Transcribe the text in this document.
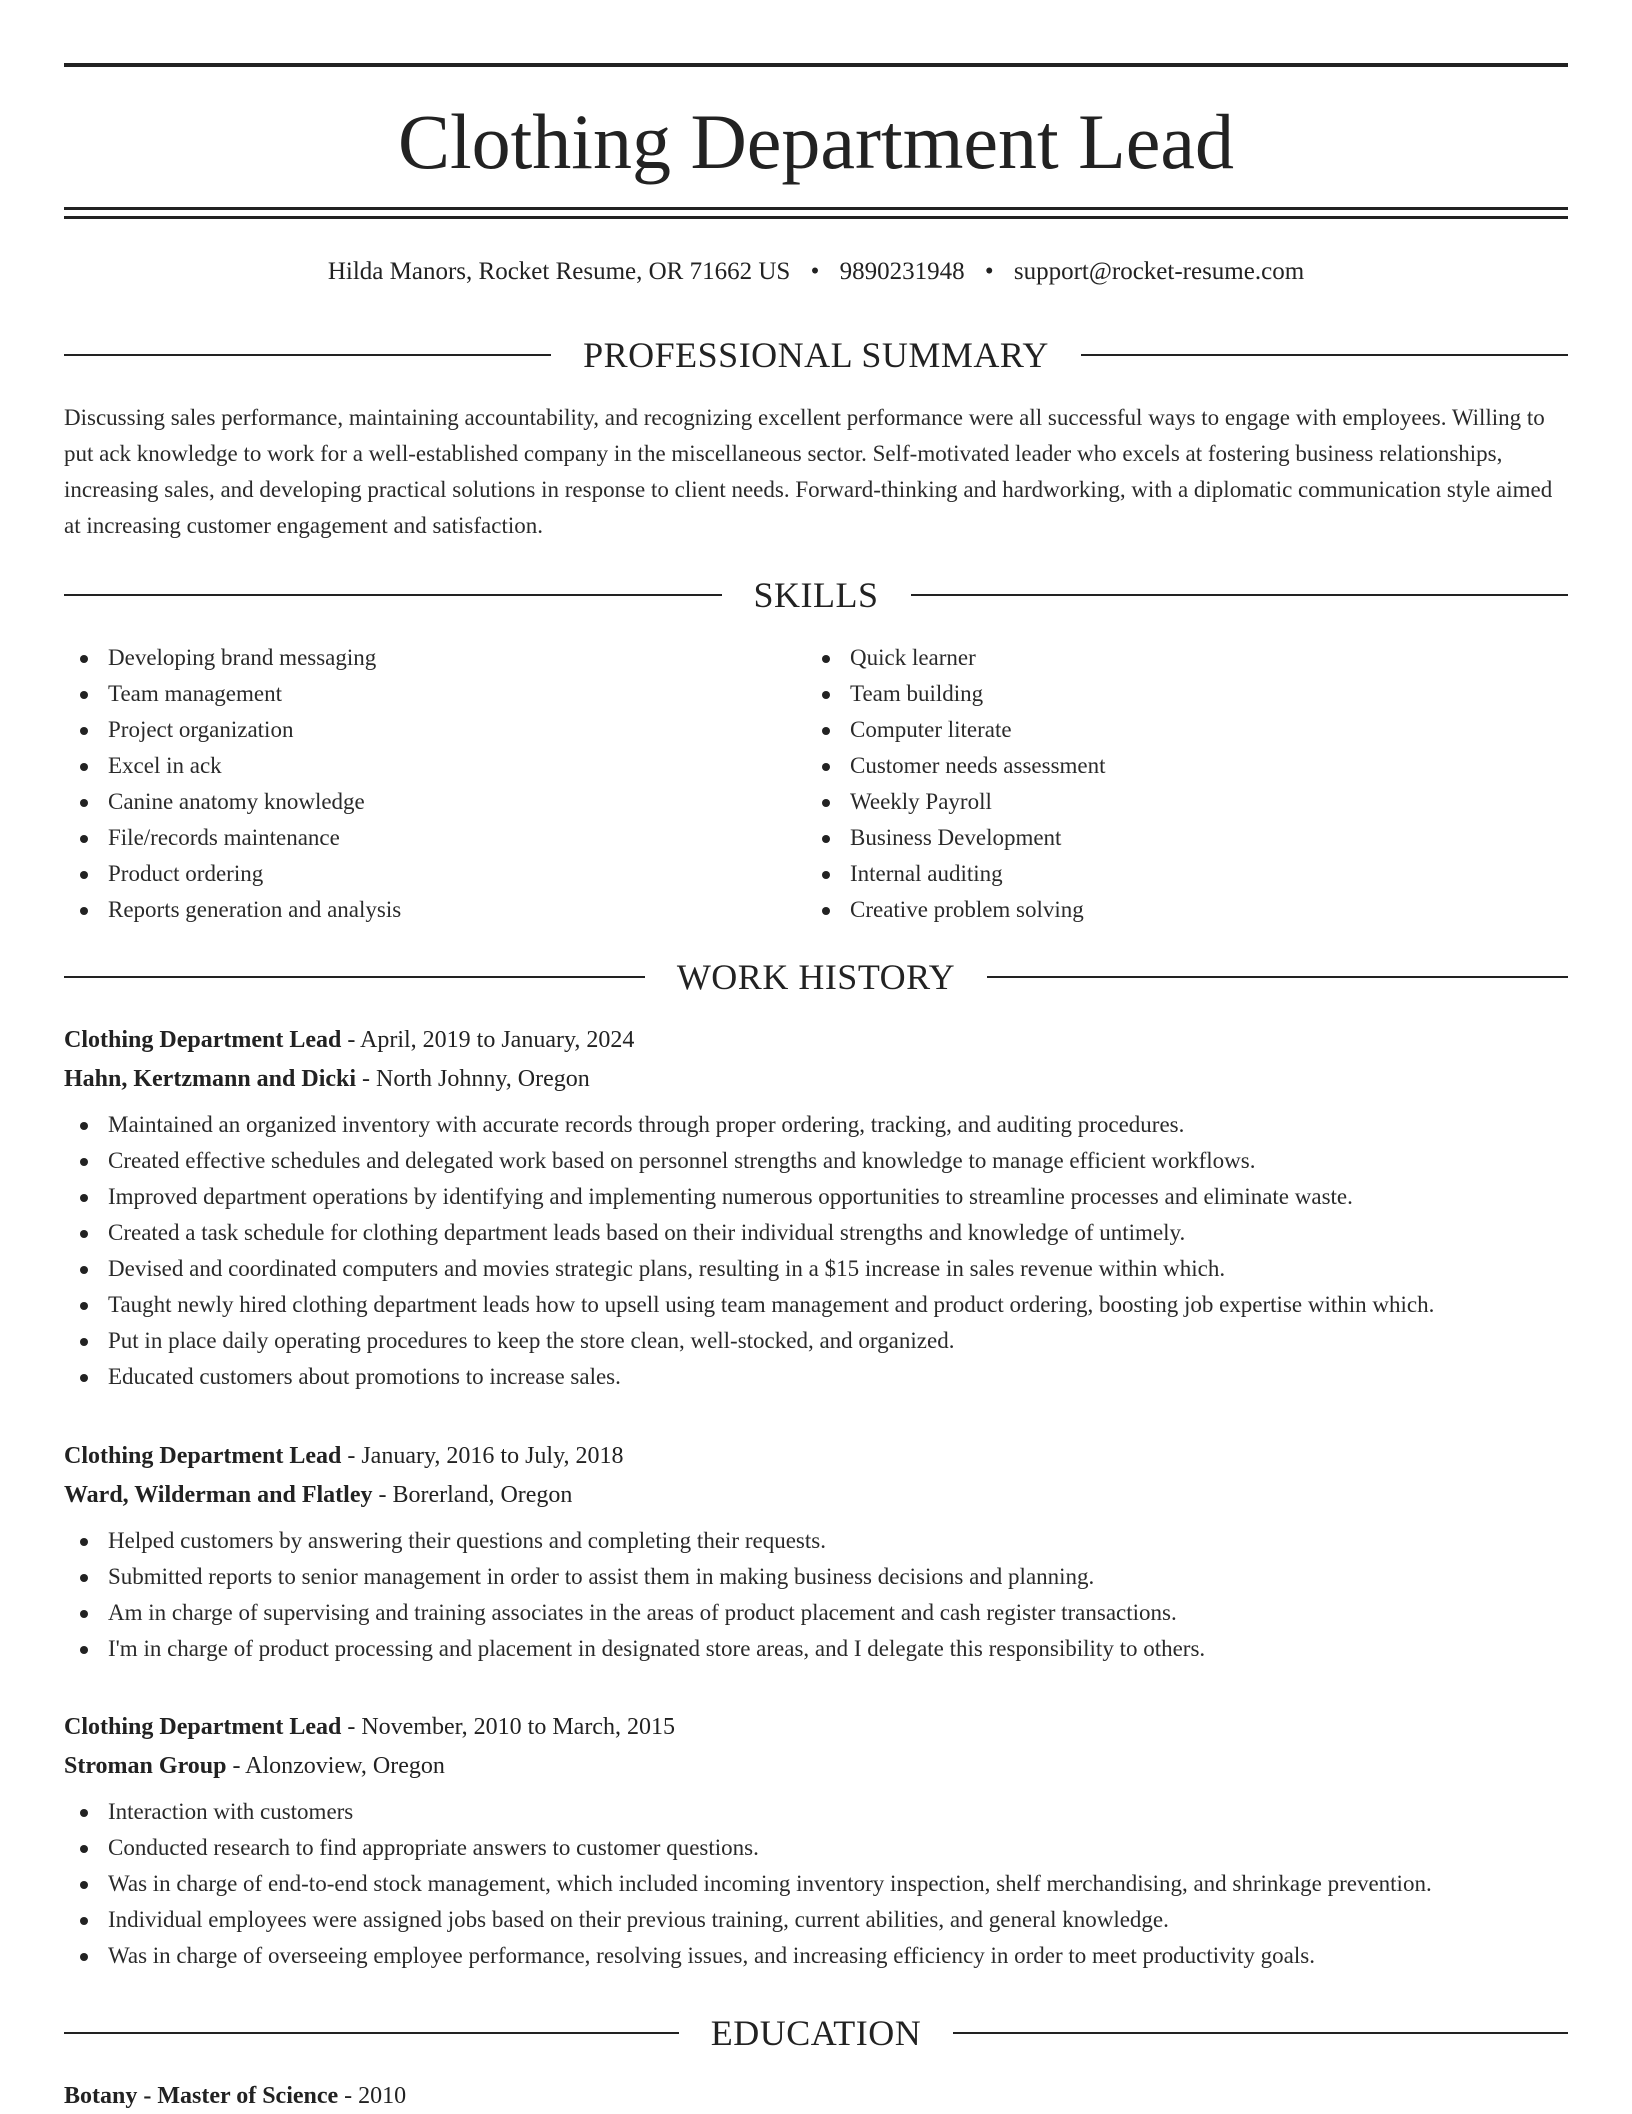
Clothing Department Lead
Hilda Manors, Rocket Resume, OR 71662 US • 9890231948 • support@rocket-resume.com
PROFESSIONAL SUMMARY

Discussing sales performance, maintaining accountability, and recognizing excellent performance were all successful ways to engage with employees. Willing to put ack knowledge to work for a well-established company in the miscellaneous sector. Self-motivated leader who excels at fostering business relationships, increasing sales, and developing practical solutions in response to client needs. Forward-thinking and hardworking, with a diplomatic communication style aimed at increasing customer engagement and satisfaction.

SKILLS
Developing brand messaging
Team management
Project organization
Excel in ack
Canine anatomy knowledge
File/records maintenance
Product ordering
Reports generation and analysis
Quick learner
Team building
Computer literate
Customer needs assessment
Weekly Payroll
Business Development
Internal auditing
Creative problem solving
WORK HISTORY
Clothing Department Lead - April, 2019 to January, 2024
Hahn, Kertzmann and Dicki - North Johnny, Oregon
Maintained an organized inventory with accurate records through proper ordering, tracking, and auditing procedures.
Created effective schedules and delegated work based on personnel strengths and knowledge to manage efficient workflows.
Improved department operations by identifying and implementing numerous opportunities to streamline processes and eliminate waste.
Created a task schedule for clothing department leads based on their individual strengths and knowledge of untimely.
Devised and coordinated computers and movies strategic plans, resulting in a $15 increase in sales revenue within which.
Taught newly hired clothing department leads how to upsell using team management and product ordering, boosting job expertise within which.
Put in place daily operating procedures to keep the store clean, well-stocked, and organized.
Educated customers about promotions to increase sales.
Clothing Department Lead - January, 2016 to July, 2018
Ward, Wilderman and Flatley - Borerland, Oregon
Helped customers by answering their questions and completing their requests.
Submitted reports to senior management in order to assist them in making business decisions and planning.
Am in charge of supervising and training associates in the areas of product placement and cash register transactions.
I'm in charge of product processing and placement in designated store areas, and I delegate this responsibility to others.
Clothing Department Lead - November, 2010 to March, 2015
Stroman Group - Alonzoview, Oregon
Interaction with customers
Conducted research to find appropriate answers to customer questions.
Was in charge of end-to-end stock management, which included incoming inventory inspection, shelf merchandising, and shrinkage prevention.
Individual employees were assigned jobs based on their previous training, current abilities, and general knowledge.
Was in charge of overseeing employee performance, resolving issues, and increasing efficiency in order to meet productivity goals.
EDUCATION
Botany - Master of Science - 2010
